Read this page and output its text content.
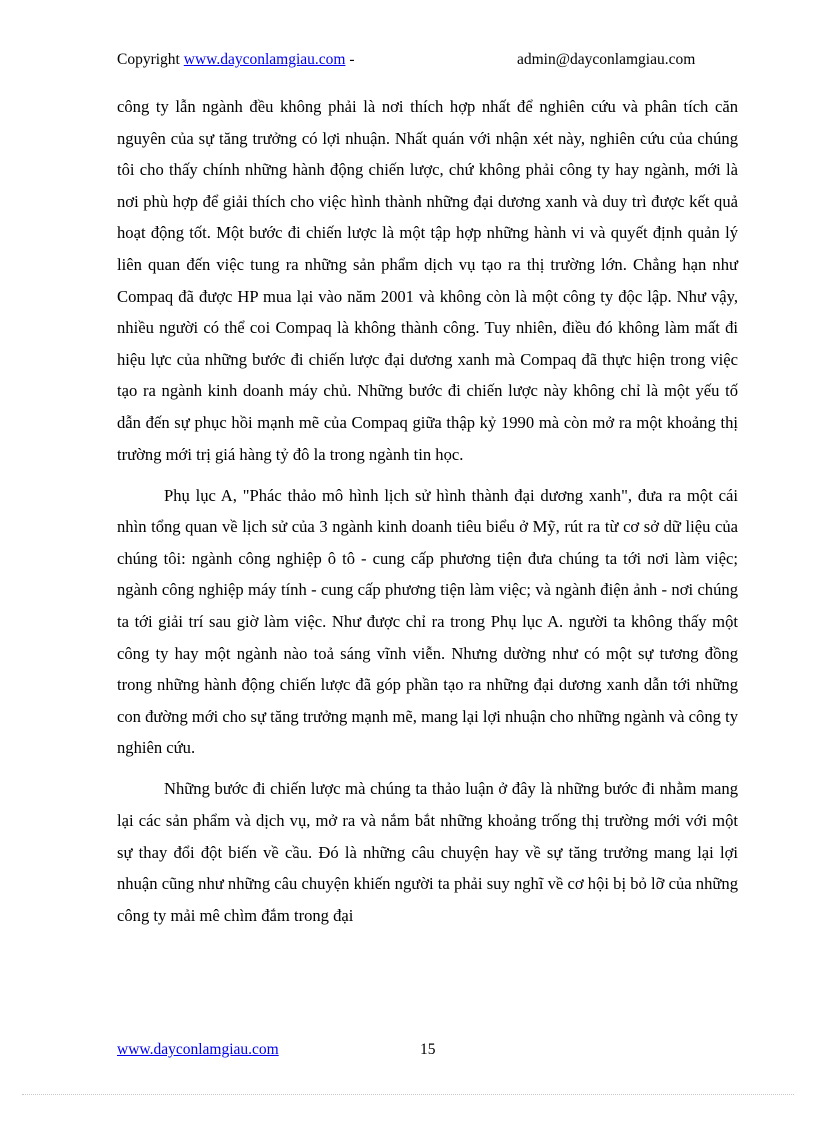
Copyright www.dayconlamgiau.com -	admin@dayconlamgiau.com

công ty lẫn ngành đều không phải là nơi thích hợp nhất để nghiên cứu và phân tích căn nguyên của sự tăng trưởng có lợi nhuận. Nhất quán với nhận xét này, nghiên cứu của chúng tôi cho thấy chính những hành động chiến lược, chứ không phải công ty hay ngành, mới là nơi phù hợp để giải thích cho việc hình thành những đại dương xanh và duy trì được kết quả hoạt động tốt. Một bước đi chiến lược là một tập hợp những hành vi và quyết định quản lý liên quan đến việc tung ra những sản phẩm dịch vụ tạo ra thị trường lớn. Chẳng hạn như Compaq đã được HP mua lại vào năm 2001 và không còn là một công ty độc lập. Như vậy, nhiều người có thể coi Compaq là không thành công. Tuy nhiên, điều đó không làm mất đi hiệu lực của những bước đi chiến lược đại dương xanh mà Compaq đã thực hiện trong việc tạo ra ngành kinh doanh máy chủ. Những bước đi chiến lược này không chỉ là một yếu tố dẫn đến sự phục hồi mạnh mẽ của Compaq giữa thập kỷ 1990 mà còn mở ra một khoảng thị trường mới trị giá hàng tỷ đô la trong ngành tin học.

Phụ lục A, "Phác thảo mô hình lịch sử hình thành đại dương xanh", đưa ra một cái nhìn tổng quan về lịch sử của 3 ngành kinh doanh tiêu biểu ở Mỹ, rút ra từ cơ sở dữ liệu của chúng tôi: ngành công nghiệp ô tô - cung cấp phương tiện đưa chúng ta tới nơi làm việc; ngành công nghiệp máy tính - cung cấp phương tiện làm việc; và ngành điện ảnh - nơi chúng ta tới giải trí sau giờ làm việc. Như được chỉ ra trong Phụ lục A. người ta không thấy một công ty hay một ngành nào toả sáng vĩnh viễn. Nhưng dường như có một sự tương đồng trong những hành động chiến lược đã góp phần tạo ra những đại dương xanh dẫn tới những con đường mới cho sự tăng trưởng mạnh mẽ, mang lại lợi nhuận cho những ngành và công ty nghiên cứu.

Những bước đi chiến lược mà chúng ta thảo luận ở đây là những bước đi nhằm mang lại các sản phẩm và dịch vụ, mở ra và nắm bắt những khoảng trống thị trường mới với một sự thay đổi đột biến về cầu. Đó là những câu chuyện hay về sự tăng trưởng mang lại lợi nhuận cũng như những câu chuyện khiến người ta phải suy nghĩ về cơ hội bị bỏ lỡ của những công ty mải mê chìm đắm trong đại

www.dayconlamgiau.com	15
